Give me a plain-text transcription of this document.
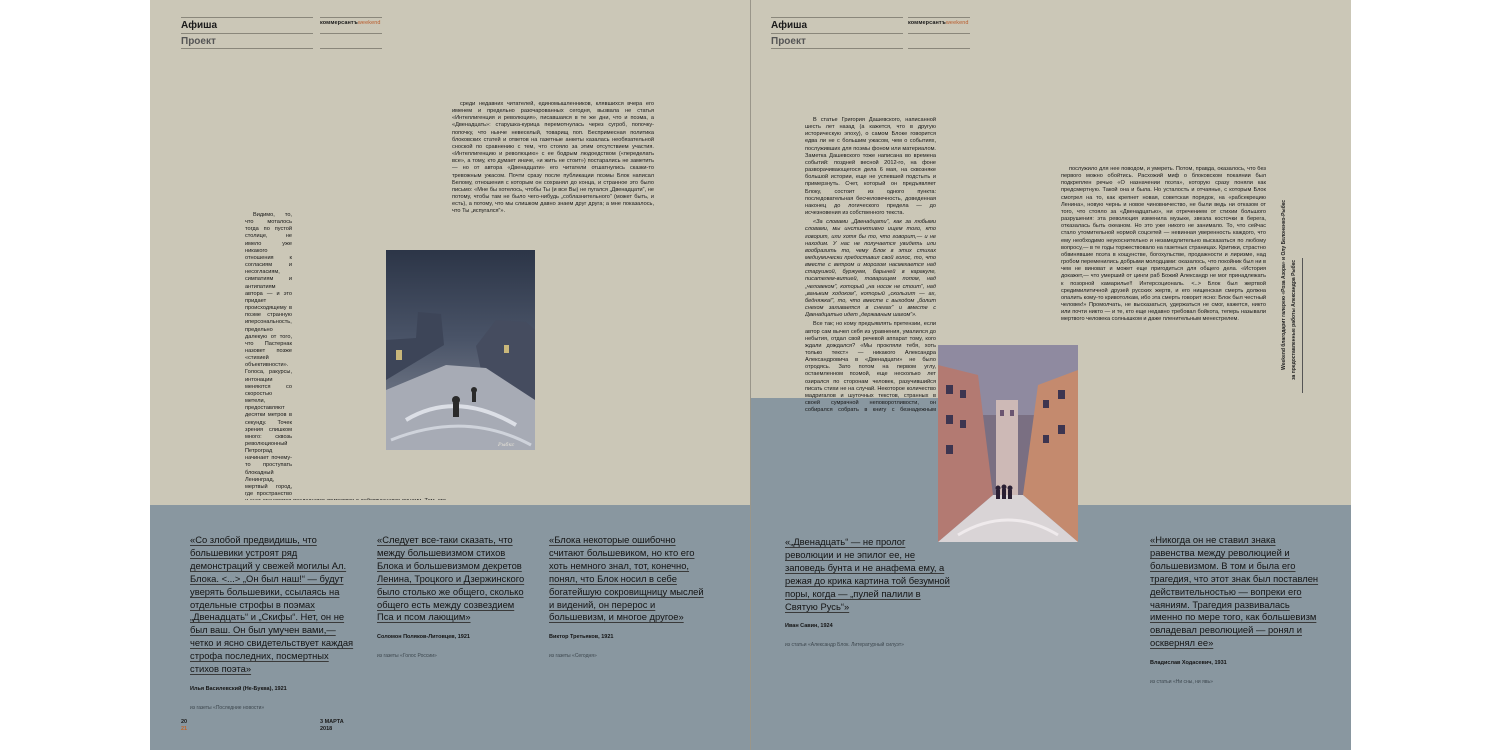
Афиша
Проект
коммерсантъweekend

среди недавних читателей, единомышленников, клявшихся вчера его именем и предельно разочарованных сегодня, вызвала не статья «Интеллигенция и революция», писавшаяся в те же дни, что и поэма, а «Двенадцать»: старушка-курица перемотнулась через сугроб, попочку-попочку, что нынче невеселый, товарищ поп. Беспримесная политика блоковских статей и ответов на газетные анкеты казалась необязательной сноской по сравнению с тем, что стояло за этим отсутствием участия. «Интеллигенцию и революцию» с ее бодрым людоедством («переделать все», а тому, кто думает иначе, «и жить не стоит») постарались не заметить — но от автора «Двенадцати» его читатели отшатнулись сказки-то тревожным ужасом. Почти сразу после публикации поэмы Блок написал Белому, отношения с которым он сохранял до конца, и странное это было письмо: «Мне бы хотелось, чтобы Ты (и все Вы) не пугался „Двенадцати“, не потому, чтобы там не было чего-нибудь „соблазнительного“ (может быть, и есть), а потому, что мы слишком давно знаем друг друга; а мне показалось, что Ты „испугался“».

Видимо, то, что моталось тогда по пустой столице, не имело уже никакого отношения к согласиям и несогласиям, симпатиям и антипатиям автора — и это придает происходящему в поэме странную иперсональность, предельно далекую от того, что Пастернак назовет позже «стихией объективности». Голоса, ракурсы, интонации меняются со скоростью метели, предоставляют десятки метров в секунду. Точек зрения слишком много: сквозь революционный Петроград начинает почему-то проступать блокадный Ленинград, мертвый город, где пространство

Рыбкс
«Со злобой предвидишь, что большевики устроят ряд демонстраций у свежей могилы Ал. Блока. <...> „Он был наш!“ — будут уверять большевики, ссылаясь на отдельные строфы в поэмах „Двенадцать“ и „Скифы“. Нет, он не был ваш. Он был умучен вами,— четко и ясно свидетельствует каждая строфа последних, посмертных стихов поэта»
Илья Василевский (Не-Буква), 1921
из газеты «Последние новости»
«Следует все-таки сказать, что между большевизмом стихов Блока и большевизмом декретов Ленина, Троцкого и Дзержинского было столько же общего, сколько общего есть между созвездием Пса и псом лающим»
Соломон Поляков-Литовцев, 1921
из газеты «Голос России»
«Блока некоторые ошибочно считают большевиком, но кто его хоть немного знал, тот, конечно, понял, что Блок носил в себе богатейшую сокровищницу мыслей и видений, он перерос и большевизм, и многое другое»
Виктор Третьяков, 1921
из газеты «Сегодня»
20
21
3 МАРТА
2018
Афиша
Проект
коммерсантъweekend

В статье Григория Дашевского, написанной шесть лет назад (а кажется, что в другую историческую эпоху), о самом Блоке говорится едва ли не с большим ужасом, чем о событиях, послуживших для поэмы фоном или материалом. Заметка Дашевского тоже написана во времена событий: поздней весной 2012-го, на фоне разворачивающегося дела 6 мая, на сквозняке большой истории, еще не успевшей подстыть и примерзнуть. Счет, который он предъявляет Блоку, состоит из одного пункта: последовательная бесчеловечность, доведенная наконец до логического предела — до исчезновения из собственного текста.

«За словами „Двенадцати“, как за любыми словами, мы инстинктивно ищем того, кто говорит, или хотя бы то, что говорит,— и не находим. У нас не получается увидеть или вообразить то, чему Блок в этих стихах медиумически предоставил свой голос, то, что вместе с ветром и морозом насмехается над старушкой, буржуем, барыней в каракуле, писателем-витией, товарищем попом, над „человеком“, который „на носок не стоит“, над „ваньким ходоком“, который „скользит — ах, бедняжка!“, то, что вместе с выходом „болит снехом заливается в снегах“ и вместе с Двенадцатью идет „державным шагом“».

Все так; но кому предъявлять претензии, если автор сам вычел себя из уравнения, умалился до небытия, отдал свой речевой аппарат тому, кого ждали дождался? «Мы прокляли тебя, хоть только текст» — никакого Александра Александровича в «Двенадцати» не было отродясь. Зато потом на первом углу, остаемленном поэмой, еще несколько лет озирался по сторонам человек, разучившийся писать стихи не на случай. Некоторое количество мадригалов и шуточных текстов, странных в своей сумрачной неповоротливости, он собирался собрать в книгу с безнадежным

послужило для нее поводом, и умереть. Потом, правда, оказалось, что без первого можно обойтись. Расхожий миф о блоковском покаянии был подкреплен речью «О назначении поэта», которую сразу поняли как предсмертную. Такой она и была. Но усталость и отчаянье, с которым Блок смотрел на то, как крепнет новая, советская порядок, на «рабсекрецию Ленина», новую чернь и новое чиновничество, не были ведь ни отказом от того, что стояло за «Двенадцатью», ни отречением от стихии большого разрушения: эта революция изменила музыке, звезла косточки в берега, отказалась быть океаном. Но это уже никого не занимало. То, что сейчас стало утомительной нормой соцсетей — невинная уверенность каждого, что ему необходимо неукоснительно и незамедлительно высказаться по любому вопросу,— в те годы торжествовало на газетных страницах. Критики, страстно обвинявшие поэта в кощунстве, богохульстве, продажности и лиризме, над гробом переменились добрыми молодцами: оказалось, что покойник был ни в чем не виноват и может еще пригодиться для общего дела. «История докажет,— что умерший от цинги раб Божий Александр не мог принадлежать к позорной камарилье!! Интерсоциональ. <..> Блок был жертвой средимилитичной друзей русских жертв, и его нищенская смерть должна опалить кому-то кривотолкам, ибо эта смерть говорит ясно: Блок был честный человек!» Промолчать, не высказаться, удержаться не смог, кажется, никто или почти никто — и те, кто еще недавно требовал бойкота, теперь называли мертвого человека солнышком и даже пленительным менестрелем.	Weekend благодарит галерею «Роза Азора» и Олу Белоненко-Рыбкс за предоставленные работы Александра Рыбкс
«„Двенадцать“ — не пролог революции и не эпилог ее, не заповедь бунта и не анафема ему, а режая до крика картина той безумной поры, когда — „пулей палили в Святую Русь“»
Иван Савин, 1924
из статьи «Александр Блок. Литературный силуэт»
«Никогда он не ставил знака равенства между революцией и большевизмом. В том и была его трагедия, что этот знак был поставлен действительностью — вопреки его чаяниям. Трагедия развивалась именно по мере того, как большевизм овладевал революцией — ронял и осквернял ее»
Владислав Ходасевич, 1931
из статьи «Ни сны, ни явь»
